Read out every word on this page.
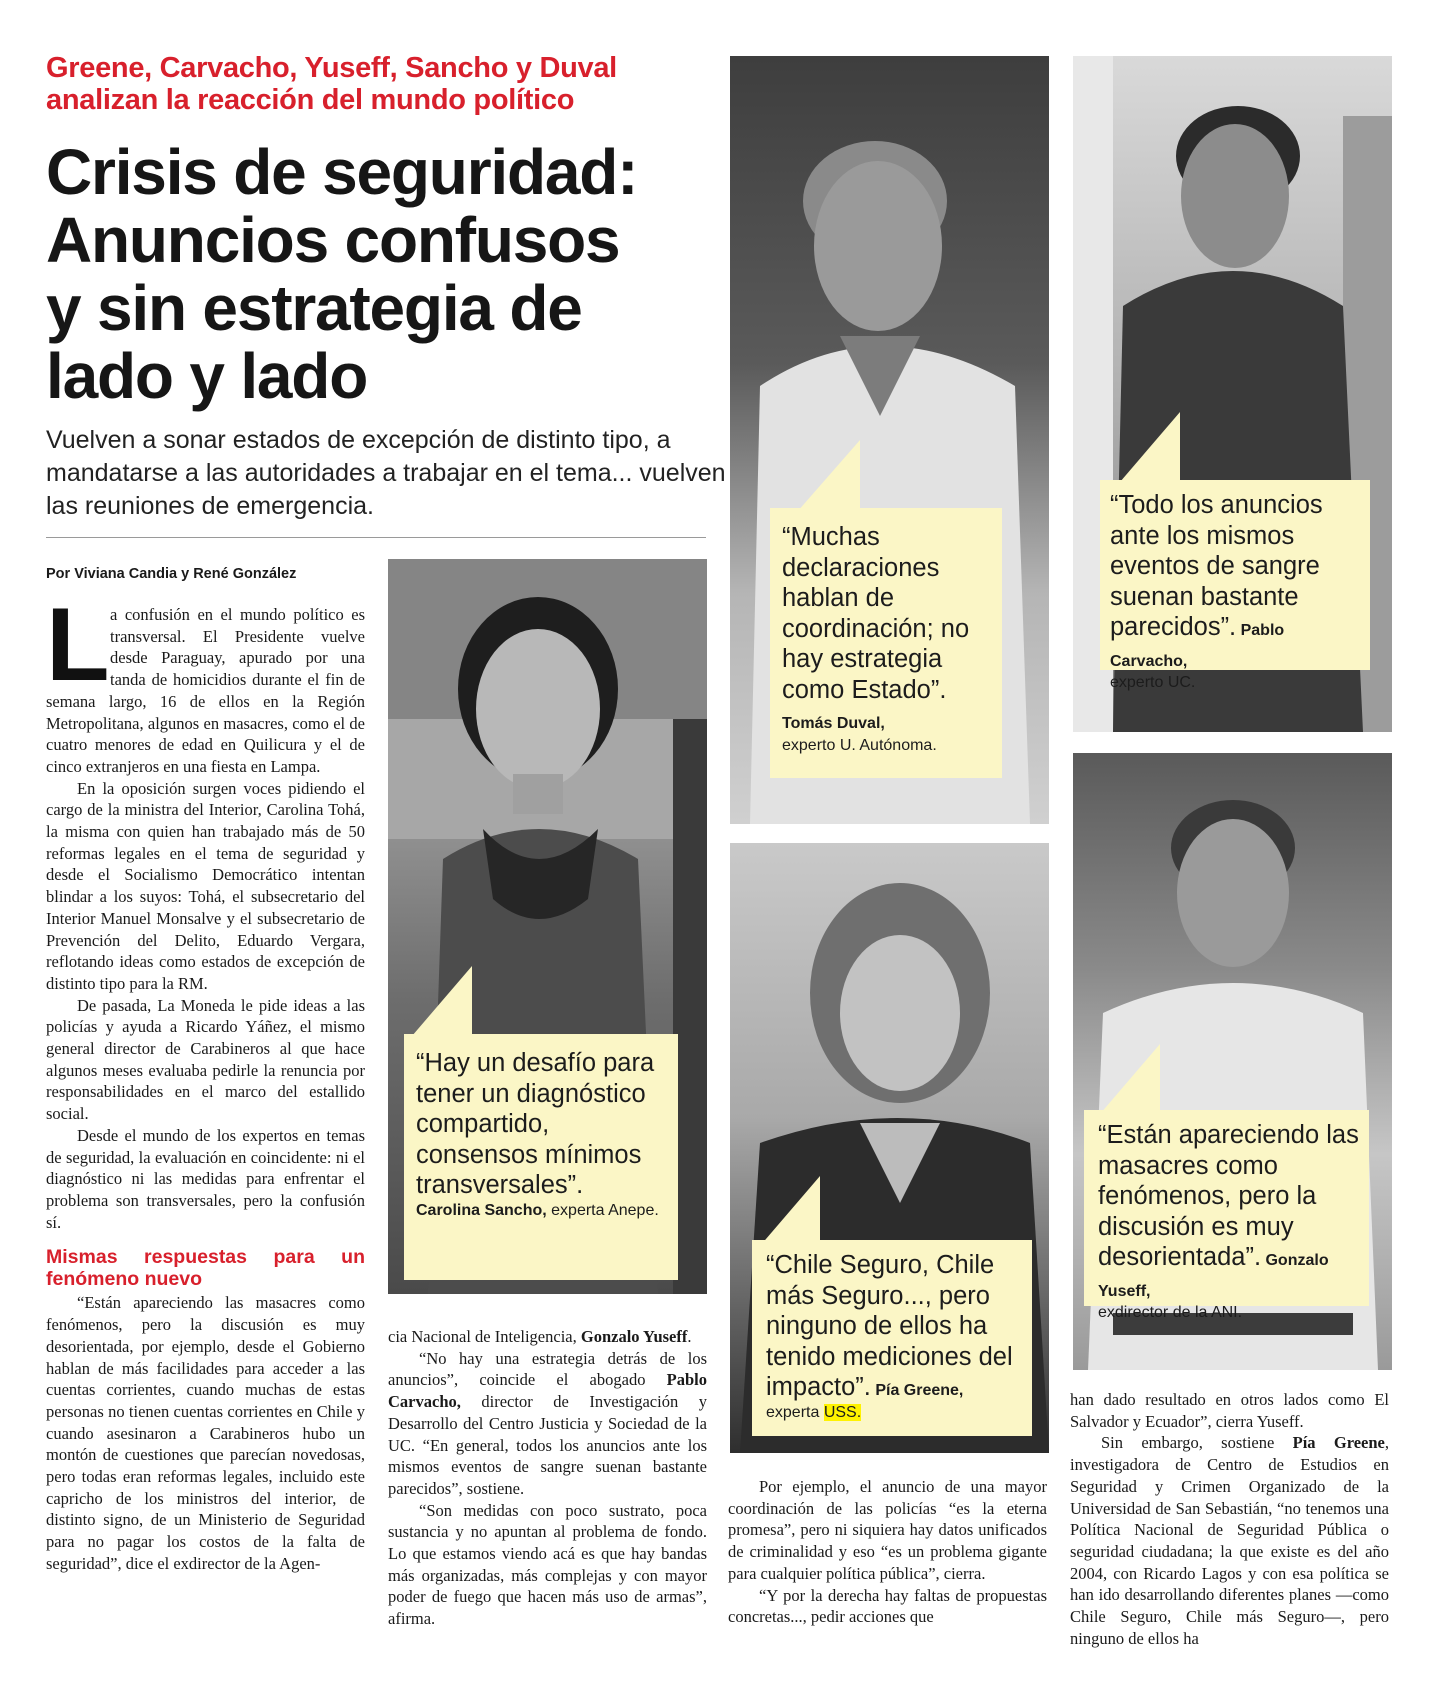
Greene, Carvacho, Yuseff, Sancho y Duval analizan la reacción del mundo político
Crisis de seguridad:
Anuncios confusos
y sin estrategia de
lado y lado
Vuelven a sonar estados de excepción de distinto tipo, a mandatarse a las autoridades a trabajar en el tema... vuelven las reuniones de emergencia.
Por Viviana Candia y René González
L a confusión en el mundo político es transversal. El Presidente vuelve desde Paraguay, apurado por una tanda de homicidios durante el fin de semana largo, 16 de ellos en la Región Metropolitana, algunos en masacres, como el de cuatro menores de edad en Quilicura y el de cinco extranjeros en una fiesta en Lampa.

En la oposición surgen voces pidiendo el cargo de la ministra del Interior, Carolina Tohá, la misma con quien han trabajado más de 50 reformas legales en el tema de seguridad y desde el Socialismo Democrático intentan blindar a los suyos: Tohá, el subsecretario del Interior Manuel Monsalve y el subsecretario de Prevención del Delito, Eduardo Vergara, reflotando ideas como estados de excepción de distinto tipo para la RM.

De pasada, La Moneda le pide ideas a las policías y ayuda a Ricardo Yáñez, el mismo general director de Carabineros al que hace algunos meses evaluaba pedirle la renuncia por responsabilidades en el marco del estallido social.

Desde el mundo de los expertos en temas de seguridad, la evaluación en coincidente: ni el diagnóstico ni las medidas para enfrentar el problema son transversales, pero la confusión sí.

Mismas respuestas para un fenómeno nuevo

“Están apareciendo las masacres como fenómenos, pero la discusión es muy desorientada, por ejemplo, desde el Gobierno hablan de más facilidades para acceder a las cuentas corrientes, cuando muchas de estas personas no tienen cuentas corrientes en Chile y cuando asesinaron a Carabineros hubo un montón de cuestiones que parecían novedosas, pero todas eran reformas legales, incluido este capricho de los ministros del interior, de distinto signo, de un Ministerio de Seguridad para no pagar los costos de la falta de seguridad”, dice el exdirector de la Agen-

cia Nacional de Inteligencia, Gonzalo Yuseff.

“No hay una estrategia detrás de los anuncios”, coincide el abogado Pablo Carvacho, director de Investigación y Desarrollo del Centro Justicia y Sociedad de la UC. “En general, todos los anuncios ante los mismos eventos de sangre suenan bastante parecidos”, sostiene.

“Son medidas con poco sustrato, poca sustancia y no apuntan al problema de fondo. Lo que estamos viendo acá es que hay bandas más organizadas, más complejas y con mayor poder de fuego que hacen más uso de armas”, afirma.

Por ejemplo, el anuncio de una mayor coordinación de las policías “es la eterna promesa”, pero ni siquiera hay datos unificados de criminalidad y eso “es un problema gigante para cualquier política pública”, cierra.

“Y por la derecha hay faltas de propuestas concretas..., pedir acciones que

han dado resultado en otros lados como El Salvador y Ecuador”, cierra Yuseff.

Sin embargo, sostiene Pía Greene, investigadora de Centro de Estudios en Seguridad y Crimen Organizado de la Universidad de San Sebastián, “no tenemos una Política Nacional de Seguridad Pública o seguridad ciudadana; la que existe es del año 2004, con Ricardo Lagos y con esa política se han ido desarrollando diferentes planes —como Chile Seguro, Chile más Seguro—, pero ninguno de ellos ha

“Hay un desafío para tener un diagnóstico compartido, consensos mínimos transversales”.
Carolina Sancho, experta Anepe.
“Muchas declaraciones hablan de coordinación; no hay estrategia como Estado”. Tomás Duval,
experto U. Autónoma.
“Todo los anuncios ante los mismos eventos de sangre suenan bastante parecidos”. Pablo Carvacho,
experto UC.
“Chile Seguro, Chile más Seguro..., pero ninguno de ellos ha tenido mediciones del impacto”. Pía Greene,
experta USS.
“Están apareciendo las masacres como fenómenos, pero la discusión es muy desorientada”. Gonzalo Yuseff,
exdirector de la ANI.
